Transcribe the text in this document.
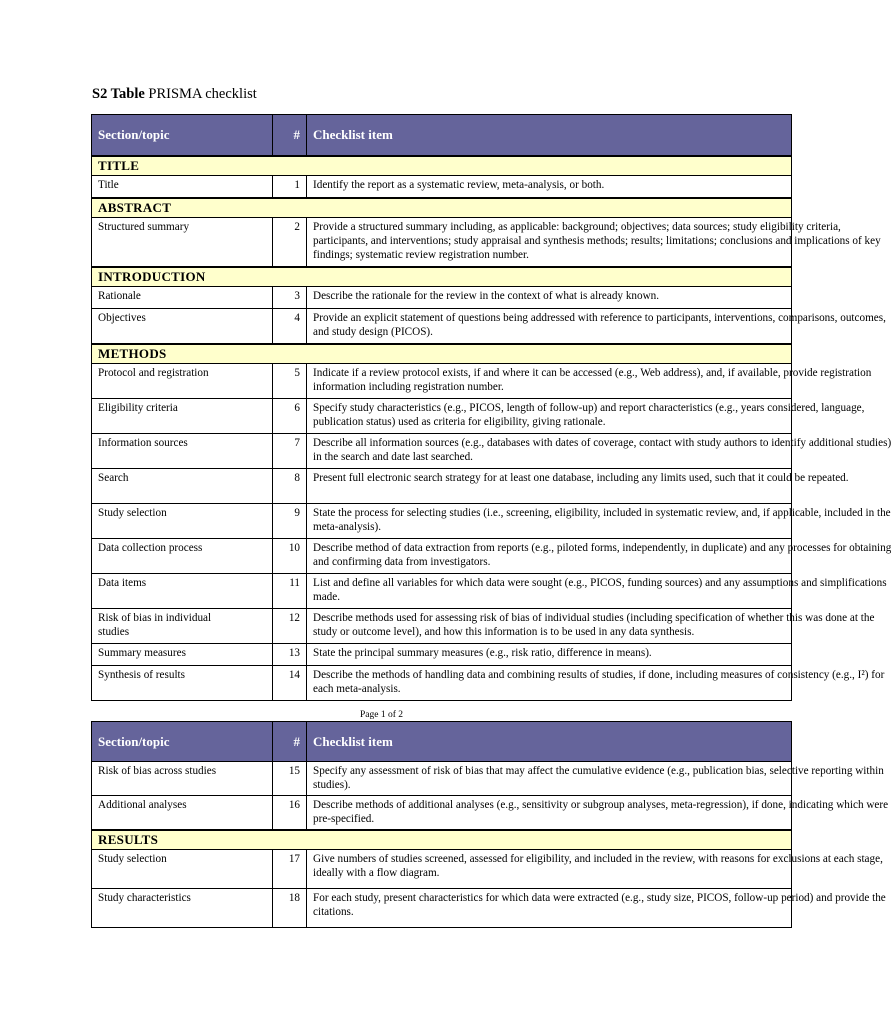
S2 Table PRISMA checklist
Section/topic	#	Checklist item
TITLE		
Title	1	Identify the report as a systematic review, meta-analysis, or both.
ABSTRACT		
Structured summary	2	Provide a structured summary including, as applicable: background; objectives; data sources; study eligibility criteria,
participants, and interventions; study appraisal and synthesis methods; results; limitations; conclusions and implications of key
findings; systematic review registration number.
INTRODUCTION		
Rationale	3	Describe the rationale for the review in the context of what is already known.
Objectives	4	Provide an explicit statement of questions being addressed with reference to participants, interventions, comparisons, outcomes,
and study design (PICOS).
METHODS		
Protocol and registration	5	Indicate if a review protocol exists, if and where it can be accessed (e.g., Web address), and, if available, provide registration
information including registration number.
Eligibility criteria	6	Specify study characteristics (e.g., PICOS, length of follow-up) and report characteristics (e.g., years considered, language,
publication status) used as criteria for eligibility, giving rationale.
Information sources	7	Describe all information sources (e.g., databases with dates of coverage, contact with study authors to identify additional studies)
in the search and date last searched.
Search	8	Present full electronic search strategy for at least one database, including any limits used, such that it could be repeated.

Study selection	9	State the process for selecting studies (i.e., screening, eligibility, included in systematic review, and, if applicable, included in the
meta-analysis).
Data collection process	10	Describe method of data extraction from reports (e.g., piloted forms, independently, in duplicate) and any processes for obtaining
and confirming data from investigators.
Data items	11	List and define all variables for which data were sought (e.g., PICOS, funding sources) and any assumptions and simplifications
made.
Risk of bias in individual
studies	12	Describe methods used for assessing risk of bias of individual studies (including specification of whether this was done at the
study or outcome level), and how this information is to be used in any data synthesis.
Summary measures	13	State the principal summary measures (e.g., risk ratio, difference in means).
Synthesis of results	14	Describe the methods of handling data and combining results of studies, if done, including measures of consistency (e.g., I²) for
each meta-analysis.
Page 1 of 2
Section/topic	#	Checklist item
Risk of bias across studies	15	Specify any assessment of risk of bias that may affect the cumulative evidence (e.g., publication bias, selective reporting within
studies).
Additional analyses	16	Describe methods of additional analyses (e.g., sensitivity or subgroup analyses, meta-regression), if done, indicating which were
pre-specified.
RESULTS		
Study selection	17	Give numbers of studies screened, assessed for eligibility, and included in the review, with reasons for exclusions at each stage,
ideally with a flow diagram.
Study characteristics	18	For each study, present characteristics for which data were extracted (e.g., study size, PICOS, follow-up period) and provide the
citations.
